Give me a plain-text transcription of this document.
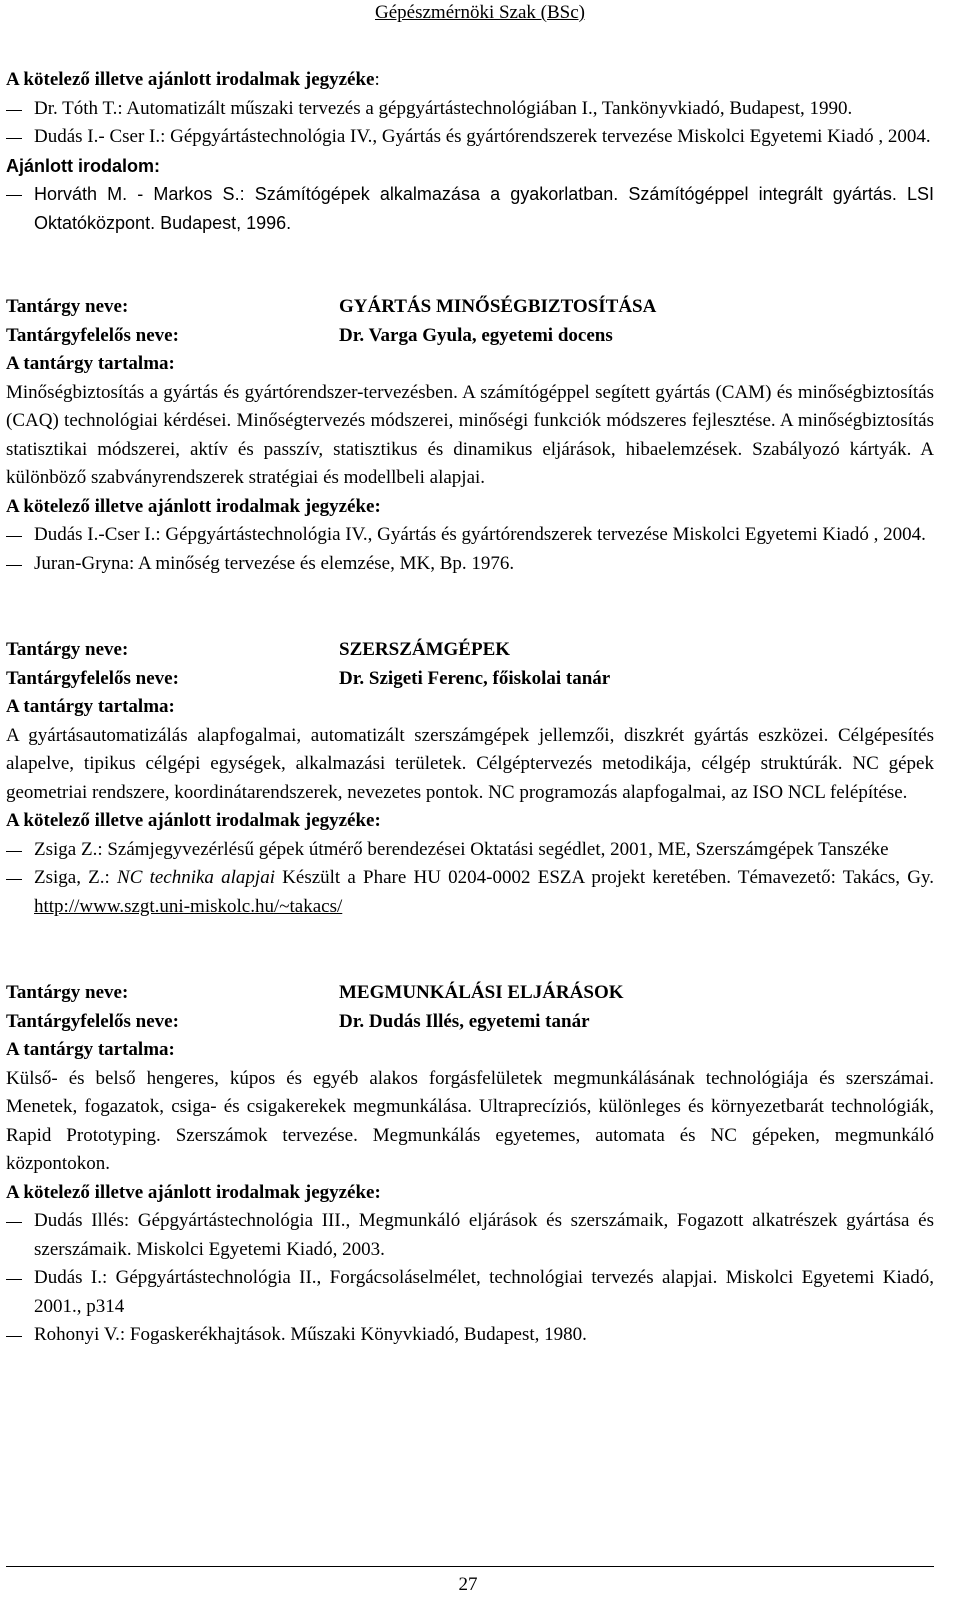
Gépészmérnöki Szak (BSc)
A kötelező illetve ajánlott irodalmak jegyzéke:
Dr. Tóth T.: Automatizált műszaki tervezés a gépgyártástechnológiában I., Tankönyvkiadó, Budapest, 1990.
Dudás I.- Cser I.: Gépgyártástechnológia IV., Gyártás és gyártórendszerek tervezése Miskolci Egyetemi Kiadó , 2004.
Ajánlott irodalom:
Horváth M. - Markos S.: Számítógépek alkalmazása a gyakorlatban. Számítógéppel integrált gyártás. LSI Oktatóközpont. Budapest, 1996.
Tantárgy neve:	GYÁRTÁS MINŐSÉGBIZTOSÍTÁSA
Tantárgyfelelős neve:	Dr. Varga Gyula, egyetemi docens
A tantárgy tartalma:
Minőségbiztosítás a gyártás és gyártórendszer-tervezésben. A számítógéppel segített gyártás (CAM) és minőségbiztosítás (CAQ) technológiai kérdései. Minőségtervezés módszerei, minőségi funkciók módszeres fejlesztése. A minőségbiztosítás statisztikai módszerei, aktív és passzív, statisztikus és dinamikus eljárások, hibaelemzések. Szabályozó kártyák. A különböző szabványrendszerek stratégiai és modellbeli alapjai.
A kötelező illetve ajánlott irodalmak jegyzéke:
Dudás I.-Cser I.: Gépgyártástechnológia IV., Gyártás és gyártórendszerek tervezése Miskolci Egyetemi Kiadó , 2004.
Juran-Gryna: A minőség tervezése és elemzése, MK, Bp. 1976.
Tantárgy neve:	SZERSZÁMGÉPEK
Tantárgyfelelős neve:	Dr. Szigeti Ferenc, főiskolai tanár
A tantárgy tartalma:
A gyártásautomatizálás alapfogalmai, automatizált szerszámgépek jellemzői, diszkrét gyártás eszközei. Célgépesítés alapelve, tipikus célgépi egységek, alkalmazási területek. Célgéptervezés metodikája, célgép struktúrák. NC gépek geometriai rendszere, koordinátarendszerek, nevezetes pontok. NC programozás alapfogalmai, az ISO NCL felépítése.
A kötelező illetve ajánlott irodalmak jegyzéke:
Zsiga Z.: Számjegyvezérlésű gépek útmérő berendezései Oktatási segédlet, 2001, ME, Szerszámgépek Tanszéke
Zsiga, Z.: NC technika alapjai Készült a Phare HU 0204-0002 ESZA projekt keretében. Témavezető: Takács, Gy. http://www.szgt.uni-miskolc.hu/~takacs/
Tantárgy neve:	MEGMUNKÁLÁSI ELJÁRÁSOK
Tantárgyfelelős neve:	Dr. Dudás Illés, egyetemi tanár
A tantárgy tartalma:
Külső- és belső hengeres, kúpos és egyéb alakos forgásfelületek megmunkálásának technológiája és szerszámai. Menetek, fogazatok, csiga- és csigakerekek megmunkálása. Ultraprecíziós, különleges és környezetbarát technológiák, Rapid Prototyping. Szerszámok tervezése. Megmunkálás egyetemes, automata és NC gépeken, megmunkáló központokon.
A kötelező illetve ajánlott irodalmak jegyzéke:
Dudás Illés: Gépgyártástechnológia III., Megmunkáló eljárások és szerszámaik, Fogazott alkatrészek gyártása és szerszámaik. Miskolci Egyetemi Kiadó, 2003.
Dudás I.: Gépgyártástechnológia II., Forgácsoláselmélet, technológiai tervezés alapjai. Miskolci Egyetemi Kiadó, 2001., p314
Rohonyi V.: Fogaskerékhajtások. Műszaki Könyvkiadó, Budapest, 1980.
27
